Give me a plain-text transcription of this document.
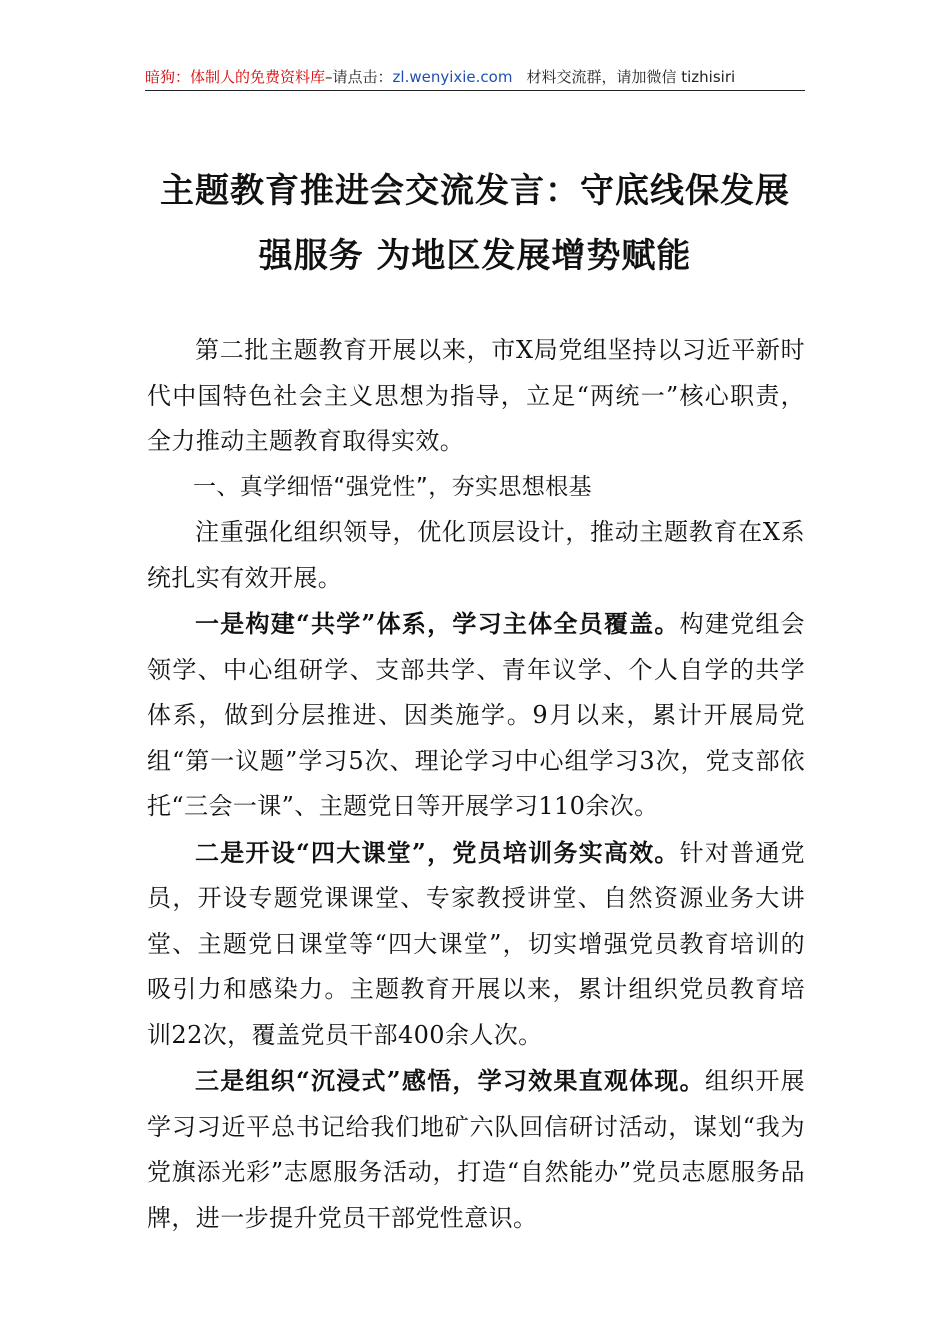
暗狗：体制人的免费资料库–请点击：zl.wenyixie.com 材料交流群，请加微信 tizhisiri
主题教育推进会交流发言：守底线保发展
强服务 为地区发展增势赋能

第二批主题教育开展以来，市X局党组坚持以习近平新时代中国特色社会主义思想为指导，立足“两统一”核心职责，全力推动主题教育取得实效。

一、真学细悟“强党性”，夯实思想根基

注重强化组织领导，优化顶层设计，推动主题教育在X系统扎实有效开展。

一是构建“共学”体系，学习主体全员覆盖。构建党组会领学、中心组研学、支部共学、青年议学、个人自学的共学体系，做到分层推进、因类施学。9月以来，累计开展局党组“第一议题”学习5次、理论学习中心组学习3次，党支部依托“三会一课”、主题党日等开展学习110余次。

二是开设“四大课堂”，党员培训务实高效。针对普通党员，开设专题党课课堂、专家教授讲堂、自然资源业务大讲堂、主题党日课堂等“四大课堂”，切实增强党员教育培训的吸引力和感染力。主题教育开展以来，累计组织党员教育培训22次，覆盖党员干部400余人次。

三是组织“沉浸式”感悟，学习效果直观体现。组织开展学习习近平总书记给我们地矿六队回信研讨活动，谋划“我为党旗添光彩”志愿服务活动，打造“自然能办”党员志愿服务品牌，进一步提升党员干部党性意识。
